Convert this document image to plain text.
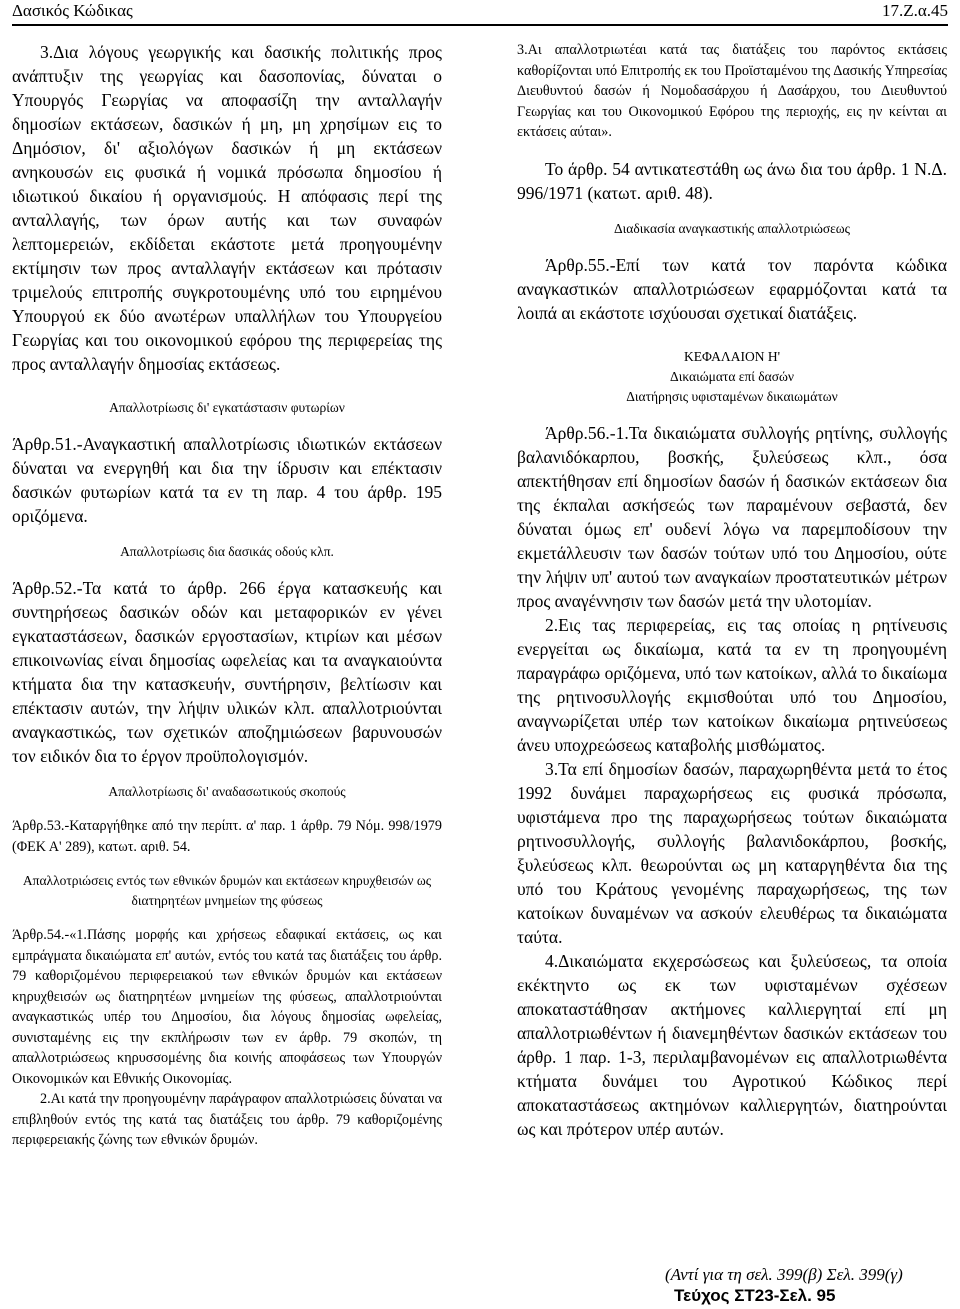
Δασικός Κώδικας	17.Ζ.α.45

3.Δια λόγους γεωργικής και δασικής πολιτικής προς ανάπτυξιν της γεωργίας και δασοπονίας, δύναται ο Υπουργός Γεωργίας να αποφασίζη την ανταλλαγήν δημοσίων εκτάσεων, δασικών ή μη, μη χρησίμων εις το Δημόσιον, δι' αξιολόγων δασικών ή μη εκτάσεων ανηκουσών εις φυσικά ή νομικά πρόσωπα δημοσίου ή ιδιωτικού δικαίου ή οργανισμούς. Η απόφασις περί της ανταλλαγής, των όρων αυτής και των συναφών λεπτομερειών, εκδίδεται εκάστοτε μετά προηγουμένην εκτίμησιν των προς ανταλλαγήν εκτάσεων και πρότασιν τριμελούς επιτροπής συγκροτουμένης υπό του ειρημένου Υπουργού εκ δύο ανωτέρων υπαλλήλων του Υπουργείου Γεωργίας και του οικονομικού εφόρου της περιφερείας της προς ανταλλαγήν δημοσίας εκτάσεως.

Απαλλοτρίωσις δι' εγκατάστασιν φυτωρίων

Άρθρ.51.-Αναγκαστική απαλλοτρίωσις ιδιωτικών εκτάσεων δύναται να ενεργηθή και δια την ίδρυσιν και επέκτασιν δασικών φυτωρίων κατά τα εν τη παρ. 4 του άρθρ. 195 οριζόμενα.

Απαλλοτρίωσις δια δασικάς οδούς κλπ.

Άρθρ.52.-Τα κατά το άρθρ. 266 έργα κατασκευής και συντηρήσεως δασικών οδών και μεταφορικών εν γένει εγκαταστάσεων, δασικών εργοστασίων, κτιρίων και μέσων επικοινωνίας είναι δημοσίας ωφελείας και τα αναγκαιούντα κτήματα δια την κατασκευήν, συντήρησιν, βελτίωσιν και επέκτασιν αυτών, την λήψιν υλικών κλπ. απαλλοτριούνται αναγκαστικώς, των σχετικών αποζημιώσεων βαρυνουσών τον ειδικόν δια το έργον προϋπολογισμόν.

Απαλλοτρίωσις δι' αναδασωτικούς σκοπούς

Άρθρ.53.-Καταργήθηκε από την περίπτ. α' παρ. 1 άρθρ. 79 Νόμ. 998/1979 (ΦΕΚ Α' 289), κατωτ. αριθ. 54.

Απαλλοτριώσεις εντός των εθνικών δρυμών και εκτάσεων κηρυχθεισών ως διατηρητέων μνημείων της φύσεως

Άρθρ.54.-«1.Πάσης μορφής και χρήσεως εδαφικαί εκτάσεις, ως και εμπράγματα δικαιώματα επ' αυτών, εντός του κατά τας διατάξεις του άρθρ. 79 καθοριζομένου περιφερειακού των εθνικών δρυμών και εκτάσεων κηρυχθεισών ως διατηρητέων μνημείων της φύσεως, απαλλοτριούνται αναγκαστικώς υπέρ του Δημοσίου, δια λόγους δημοσίας ωφελείας, συνισταμένης εις την εκπλήρωσιν των εν άρθρ. 79 σκοπών, τη απαλλοτριώσεως κηρυσσομένης δια κοινής αποφάσεως των Υπουργών Οικονομικών και Εθνικής Οικονομίας.

2.Αι κατά την προηγουμένην παράγραφον απαλλοτριώσεις δύναται να επιβληθούν εντός της κατά τας διατάξεις του άρθρ. 79 καθοριζομένης περιφερειακής ζώνης των εθνικών δρυμών.

3.Αι απαλλοτριωτέαι κατά τας διατάξεις του παρόντος εκτάσεις καθορίζονται υπό Επιτροπής εκ του Προϊσταμένου της Δασικής Υπηρεσίας Διευθυντού δασών ή Νομοδασάρχου ή Δασάρχου, του Διευθυντού Γεωργίας και του Οικονομικού Εφόρου της περιοχής, εις ην κείνται αι εκτάσεις αύται».

Το άρθρ. 54 αντικατεστάθη ως άνω δια του άρθρ. 1 Ν.Δ. 996/1971 (κατωτ. αριθ. 48).

Διαδικασία αναγκαστικής απαλλοτριώσεως

Άρθρ.55.-Επί των κατά τον παρόντα κώδικα αναγκαστικών απαλλοτριώσεων εφαρμόζονται κατά τα λοιπά αι εκάστοτε ισχύουσαι σχετικαί διατάξεις.

ΚΕΦΑΛΑΙΟΝ Η'

Δικαιώματα επί δασών

Διατήρησις υφισταμένων δικαιωμάτων

Άρθρ.56.-1.Τα δικαιώματα συλλογής ρητίνης, συλλογής βαλανιδόκαρπου, βοσκής, ξυλεύσεως κλπ., όσα απεκτήθησαν επί δημοσίων δασών ή δασικών εκτάσεων δια της έκπαλαι ασκήσεώς των παραμένουν σεβαστά, δεν δύναται όμως επ' ουδενί λόγω να παρεμποδίσουν την εκμετάλλευσιν των δασών τούτων υπό του Δημοσίου, ούτε την λήψιν υπ' αυτού των αναγκαίων προστατευτικών μέτρων προς αναγέννησιν των δασών μετά την υλοτομίαν.

2.Εις τας περιφερείας, εις τας οποίας η ρητίνευσις ενεργείται ως δικαίωμα, κατά τα εν τη προηγουμένη παραγράφω οριζόμενα, υπό των κατοίκων, αλλά το δικαίωμα της ρητινοσυλλογής εκμισθούται υπό του Δημοσίου, αναγνωρίζεται υπέρ των κατοίκων δικαίωμα ρητινεύσεως άνευ υποχρεώσεως καταβολής μισθώματος.

3.Τα επί δημοσίων δασών, παραχωρηθέντα μετά το έτος 1992 δυνάμει παραχωρήσεως εις φυσικά πρόσωπα, υφιστάμενα προ της παραχωρήσεως τούτων δικαιώματα ρητινοσυλλογής, συλλογής βαλανιδοκάρπου, βοσκής, ξυλεύσεως κλπ. θεωρούνται ως μη καταργηθέντα δια της υπό του Κράτους γενομένης παραχωρήσεως, της των κατοίκων δυναμένων να ασκούν ελευθέρως τα δικαιώματα ταύτα.

4.Δικαιώματα εκχερσώσεως και ξυλεύσεως, τα οποία εκέκτηντο ως εκ των υφισταμένων σχέσεων αποκαταστάθησαν ακτήμονες καλλιεργηταί επί μη απαλλοτριωθέντων ή διανεμηθέντων δασικών εκτάσεων του άρθρ. 1 παρ. 1-3, περιλαμβανομένων εις απαλλοτριωθέντα κτήματα δυνάμει του Αγροτικού Κώδικος περί αποκαταστάσεως ακτημόνων καλλιεργητών, διατηρούνται ως και πρότερον υπέρ αυτών.

(Αντί για τη σελ. 399(β) Σελ. 399(γ)
Τεύχος ΣΤ23-Σελ. 95
